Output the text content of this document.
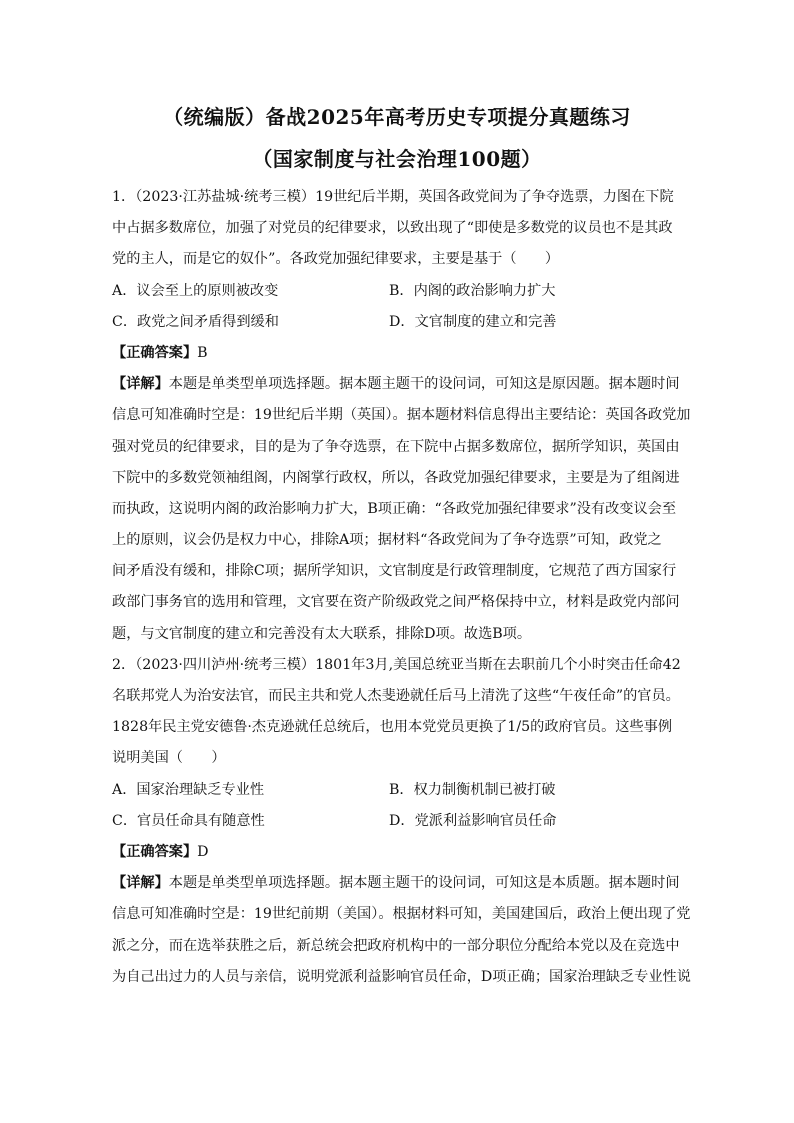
（统编版）备战2025年高考历史专项提分真题练习
（国家制度与社会治理100题）
1．（2023·江苏盐城·统考三模）19世纪后半期，英国各政党间为了争夺选票，力图在下院
中占据多数席位，加强了对党员的纪律要求，以致出现了“即使是多数党的议员也不是其政
党的主人，而是它的奴仆”。各政党加强纪律要求，主要是基于（　　）
A．议会至上的原则被改变	B．内阁的政治影响力扩大
C．政党之间矛盾得到缓和	D．文官制度的建立和完善
【正确答案】B
【详解】本题是单类型单项选择题。据本题主题干的设问词，可知这是原因题。据本题时间
信息可知准确时空是：19世纪后半期（英国）。据本题材料信息得出主要结论：英国各政党加
强对党员的纪律要求，目的是为了争夺选票，在下院中占据多数席位，据所学知识，英国由
下院中的多数党领袖组阁，内阁掌行政权，所以，各政党加强纪律要求，主要是为了组阁进
而执政，这说明内阁的政治影响力扩大，B项正确：“各政党加强纪律要求”没有改变议会至
上的原则，议会仍是权力中心，排除A项；据材料“各政党间为了争夺选票”可知，政党之
间矛盾没有缓和，排除C项；据所学知识，文官制度是行政管理制度，它规范了西方国家行
政部门事务官的选用和管理，文官要在资产阶级政党之间严格保持中立，材料是政党内部问
题，与文官制度的建立和完善没有太大联系，排除D项。故选B项。
2．（2023·四川泸州·统考三模）1801年3月,美国总统亚当斯在去职前几个小时突击任命42
名联邦党人为治安法官，而民主共和党人杰斐逊就任后马上清洗了这些“午夜任命”的官员。
1828年民主党安德鲁·杰克逊就任总统后，也用本党党员更换了1/5的政府官员。这些事例
说明美国（　　）
A．国家治理缺乏专业性	B．权力制衡机制已被打破
C．官员任命具有随意性	D．党派利益影响官员任命
【正确答案】D
【详解】本题是单类型单项选择题。据本题主题干的设问词，可知这是本质题。据本题时间
信息可知准确时空是：19世纪前期（美国）。根据材料可知，美国建国后，政治上便出现了党
派之分，而在选举获胜之后，新总统会把政府机构中的一部分职位分配给本党以及在竞选中
为自己出过力的人员与亲信，说明党派利益影响官员任命，D项正确；国家治理缺乏专业性说
